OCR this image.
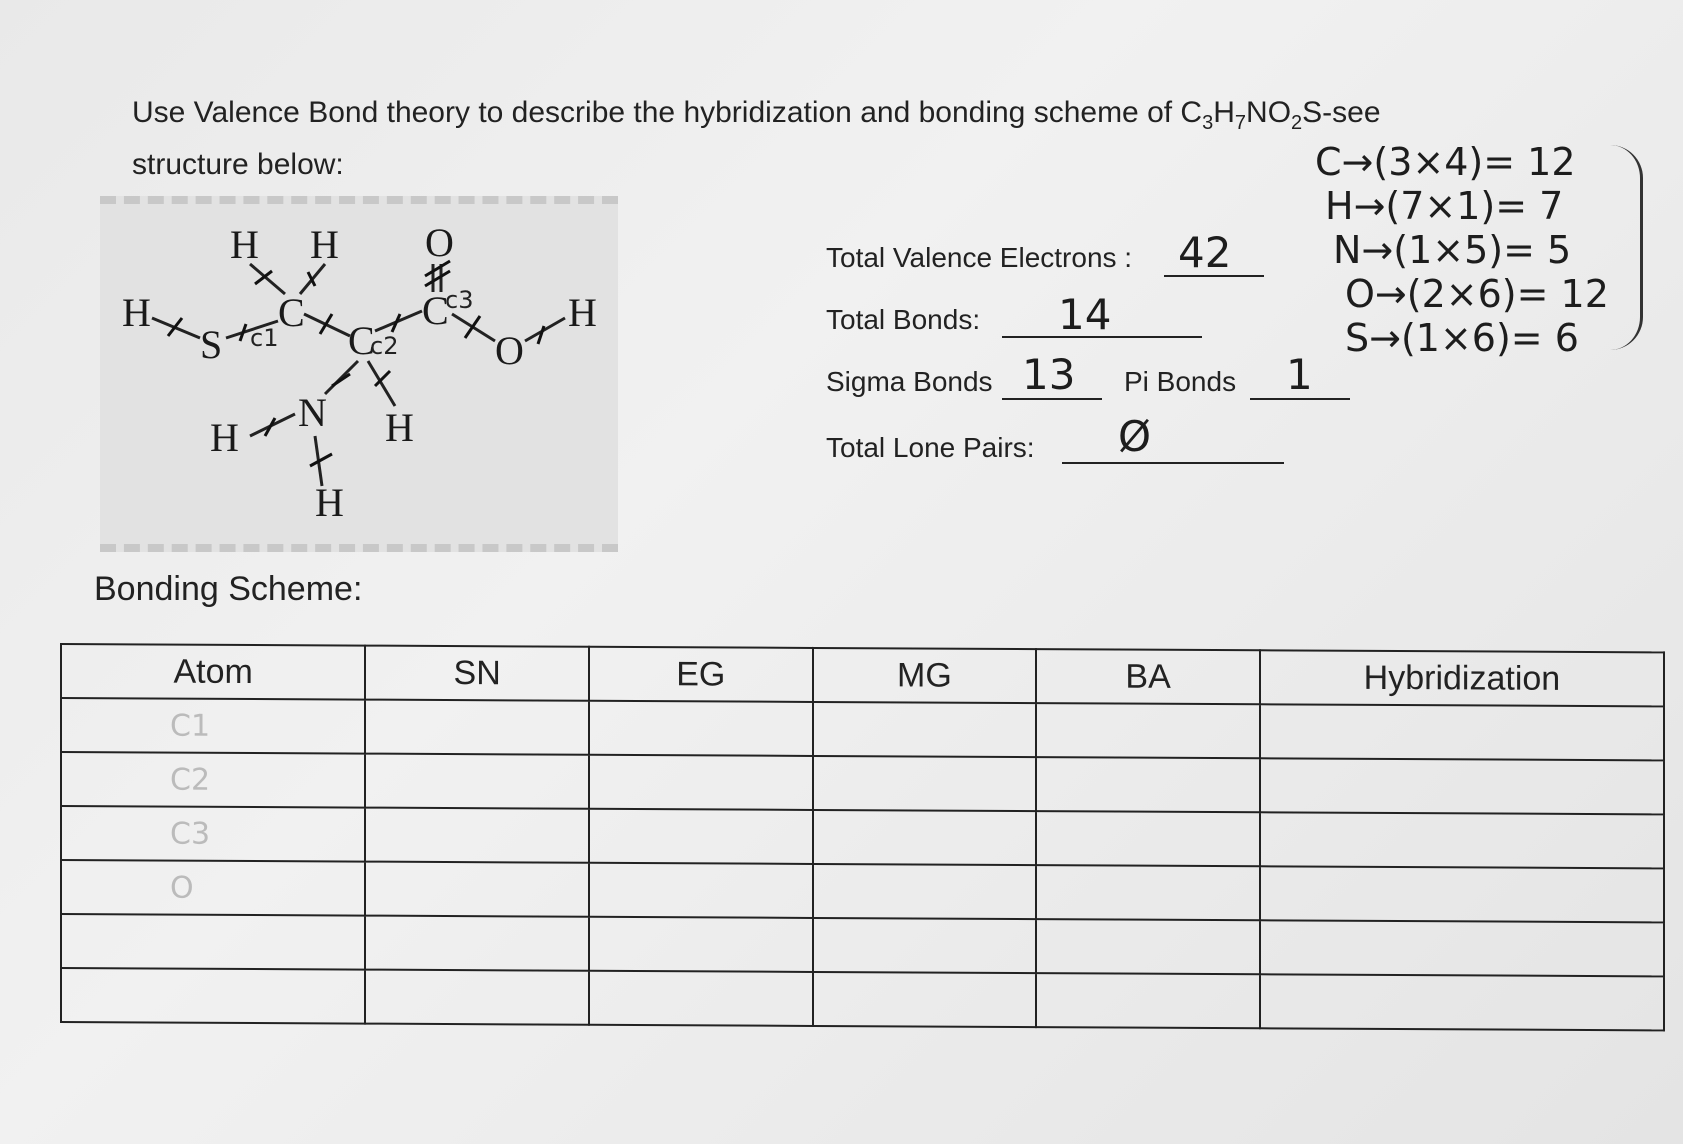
Use Valence Bond theory to describe the hybridization and bonding scheme of $C_3H_7NO_2S$-see
structure below:
H H O
H
S
C
C
C
O
H
N
H	H
H
c1	c2
c3
Total Valence Electrons : 42
Total Bonds: 14
Sigma Bonds 13 Pi Bonds 1
Total Lone Pairs: Ø
C→(3×4)= 12
H→(7×1)= 7
N→(1×5)= 5
O→(2×6)= 12
S→(1×6)= 6
Bonding Scheme:
Atom	SN	EG	MG	BA	Hybridization
C1					
C2					
C3					
O					
